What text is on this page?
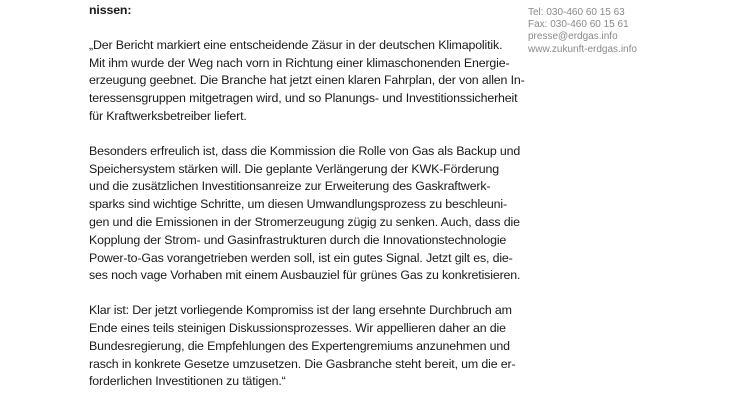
nissen:

„Der Bericht markiert eine entscheidende Zäsur in der deutschen Klimapolitik.
Mit ihm wurde der Weg nach vorn in Richtung einer klimaschonenden Energie-
erzeugung geebnet. Die Branche hat jetzt einen klaren Fahrplan, der von allen In-
teressensgruppen mitgetragen wird, und so Planungs- und Investitionssicherheit
für Kraftwerksbetreiber liefert.

Besonders erfreulich ist, dass die Kommission die Rolle von Gas als Backup und
Speichersystem stärken will. Die geplante Verlängerung der KWK-Förderung
und die zusätzlichen Investitionsanreize zur Erweiterung des Gaskraftwerk-
sparks sind wichtige Schritte, um diesen Umwandlungsprozess zu beschleuni-
gen und die Emissionen in der Stromerzeugung zügig zu senken. Auch, dass die
Kopplung der Strom- und Gasinfrastrukturen durch die Innovationstechnologie
Power-to-Gas vorangetrieben werden soll, ist ein gutes Signal. Jetzt gilt es, die-
ses noch vage Vorhaben mit einem Ausbauziel für grünes Gas zu konkretisieren.

Klar ist: Der jetzt vorliegende Kompromiss ist der lang ersehnte Durchbruch am
Ende eines teils steinigen Diskussionsprozesses. Wir appellieren daher an die
Bundesregierung, die Empfehlungen des Expertengremiums anzunehmen und
rasch in konkrete Gesetze umzusetzen. Die Gasbranche steht bereit, um die er-
forderlichen Investitionen zu tätigen.“

Tel: 030-460 60 15 63
Fax: 030-460 60 15 61
presse@erdgas.info
www.zukunft-erdgas.info
